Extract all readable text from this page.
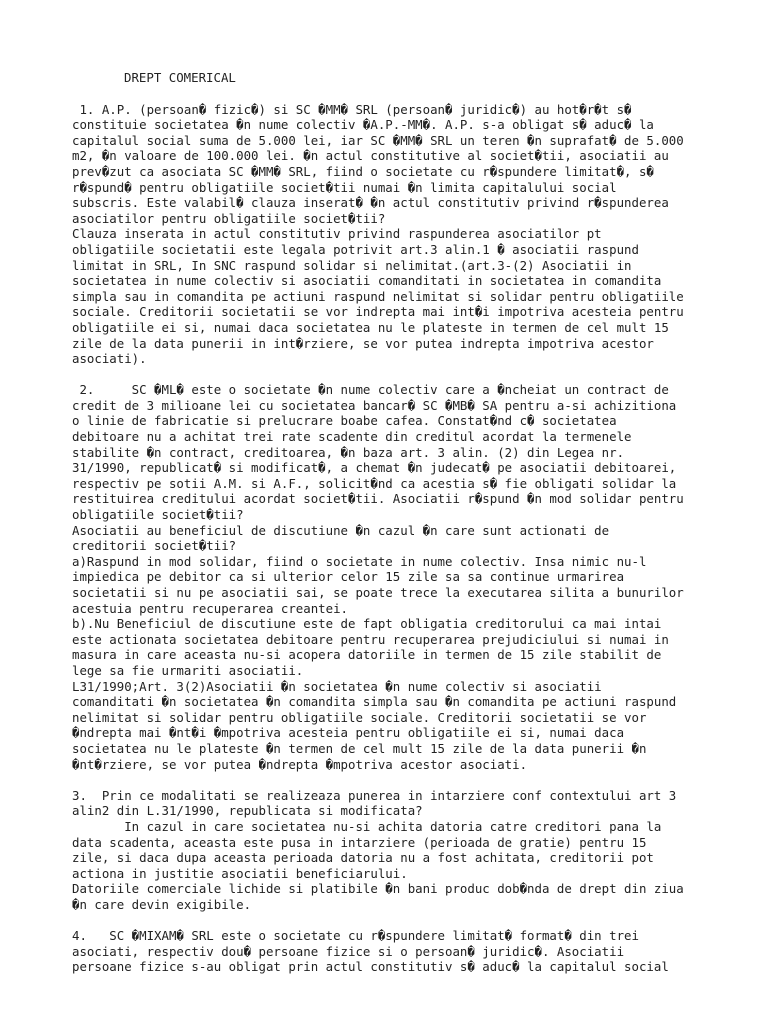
DREPT COMERICAL
1. A.P. (persoan� fizic�) si SC �MM� SRL (persoan� juridic�) au hot�r�t s�
constituie societatea �n nume colectiv �A.P.-MM�. A.P. s-a obligat s� aduc� la
capitalul social suma de 5.000 lei, iar SC �MM� SRL un teren �n suprafat� de 5.000
m2, �n valoare de 100.000 lei. �n actul constitutive al societ�tii, asociatii au
prev�zut ca asociata SC �MM� SRL, fiind o societate cu r�spundere limitat�, s�
r�spund� pentru obligatiile societ�tii numai �n limita capitalului social
subscris. Este valabil� clauza inserat� �n actul constitutiv privind r�spunderea
asociatilor pentru obligatiile societ�tii?
Clauza inserata in actul constitutiv privind raspunderea asociatilor pt
obligatiile societatii este legala potrivit art.3 alin.1 � asociatii raspund
limitat in SRL, In SNC raspund solidar si nelimitat.(art.3-(2) Asociatii in
societatea in nume colectiv si asociatii comanditati in societatea in comandita
simpla sau in comandita pe actiuni raspund nelimitat si solidar pentru obligatiile
sociale. Creditorii societatii se vor indrepta mai int�i impotriva acesteia pentru
obligatiile ei si, numai daca societatea nu le plateste in termen de cel mult 15
zile de la data punerii in int�rziere, se vor putea indrepta impotriva acestor
asociati).
2.     SC �ML� este o societate �n nume colectiv care a �ncheiat un contract de
credit de 3 milioane lei cu societatea bancar� SC �MB� SA pentru a-si achizitiona
o linie de fabricatie si prelucrare boabe cafea. Constat�nd c� societatea
debitoare nu a achitat trei rate scadente din creditul acordat la termenele
stabilite �n contract, creditoarea, �n baza art. 3 alin. (2) din Legea nr.
31/1990, republicat� si modificat�, a chemat �n judecat� pe asociatii debitoarei,
respectiv pe sotii A.M. si A.F., solicit�nd ca acestia s� fie obligati solidar la
restituirea creditului acordat societ�tii. Asociatii r�spund �n mod solidar pentru
obligatiile societ�tii?
Asociatii au beneficiul de discutiune �n cazul �n care sunt actionati de
creditorii societ�tii?
a)Raspund in mod solidar, fiind o societate in nume colectiv. Insa nimic nu-l
impiedica pe debitor ca si ulterior celor 15 zile sa sa continue urmarirea
societatii si nu pe asociatii sai, se poate trece la executarea silita a bunurilor
acestuia pentru recuperarea creantei.
b).Nu Beneficiul de discutiune este de fapt obligatia creditorului ca mai intai
este actionata societatea debitoare pentru recuperarea prejudiciului si numai in
masura in care aceasta nu-si acopera datoriile in termen de 15 zile stabilit de
lege sa fie urmariti asociatii.
L31/1990;Art. 3(2)Asociatii �n societatea �n nume colectiv si asociatii
comanditati �n societatea �n comandita simpla sau �n comandita pe actiuni raspund
nelimitat si solidar pentru obligatiile sociale. Creditorii societatii se vor
�ndrepta mai �nt�i �mpotriva acesteia pentru obligatiile ei si, numai daca
societatea nu le plateste �n termen de cel mult 15 zile de la data punerii �n
�nt�rziere, se vor putea �ndrepta �mpotriva acestor asociati.
3.  Prin ce modalitati se realizeaza punerea in intarziere conf contextului art 3
alin2 din L.31/1990, republicata si modificata?
In cazul in care societatea nu-si achita datoria catre creditori pana la
data scadenta, aceasta este pusa in intarziere (perioada de gratie) pentru 15
zile, si daca dupa aceasta perioada datoria nu a fost achitata, creditorii pot
actiona in justitie asociatii beneficiarului.
Datoriile comerciale lichide si platibile �n bani produc dob�nda de drept din ziua
�n care devin exigibile.
4.   SC �MIXAM� SRL este o societate cu r�spundere limitat� format� din trei
asociati, respectiv dou� persoane fizice si o persoan� juridic�. Asociatii
persoane fizice s-au obligat prin actul constitutiv s� aduc� la capitalul social
